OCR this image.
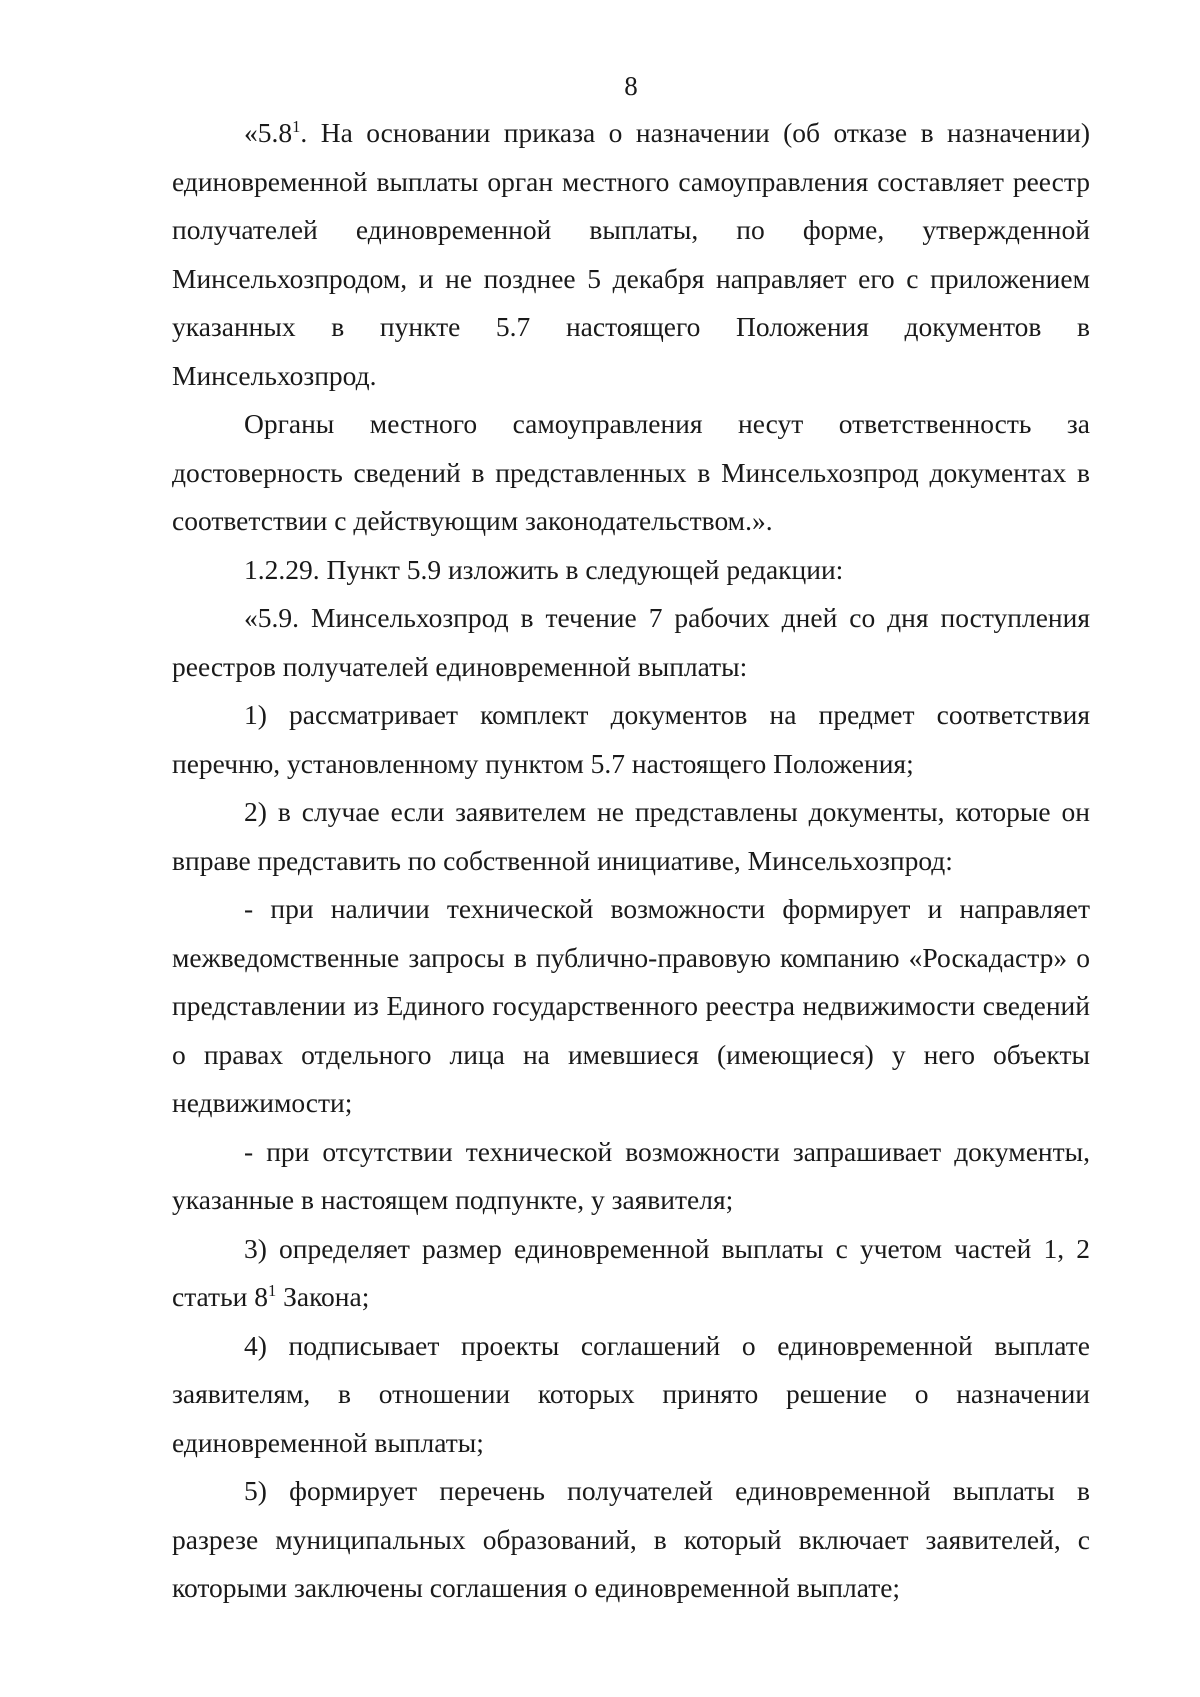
8

«$5.8^1$. На основании приказа о назначении (об отказе в назначении) единовременной выплаты орган местного самоуправления составляет реестр получателей единовременной выплаты, по форме, утвержденной Минсельхозпродом, и не позднее 5 декабря направляет его с приложением указанных в пункте 5.7 настоящего Положения документов в Минсельхозпрод.

Органы местного самоуправления несут ответственность за достоверность сведений в представленных в Минсельхозпрод документах в соответствии с действующим законодательством.».

1.2.29. Пункт 5.9 изложить в следующей редакции:

«5.9. Минсельхозпрод в течение 7 рабочих дней со дня поступления реестров получателей единовременной выплаты:

1) рассматривает комплект документов на предмет соответствия перечню, установленному пунктом 5.7 настоящего Положения;

2) в случае если заявителем не представлены документы, которые он вправе представить по собственной инициативе, Минсельхозпрод:

- при наличии технической возможности формирует и направляет межведомственные запросы в публично-правовую компанию «Роскадастр» о представлении из Единого государственного реестра недвижимости сведений о правах отдельного лица на имевшиеся (имеющиеся) у него объекты недвижимости;

- при отсутствии технической возможности запрашивает документы, указанные в настоящем подпункте, у заявителя;

3) определяет размер единовременной выплаты с учетом частей 1, 2 статьи $8^1$ Закона;

4) подписывает проекты соглашений о единовременной выплате заявителям, в отношении которых принято решение о назначении единовременной выплаты;

5) формирует перечень получателей единовременной выплаты в разрезе муниципальных образований, в который включает заявителей, с которыми заключены соглашения о единовременной выплате;
